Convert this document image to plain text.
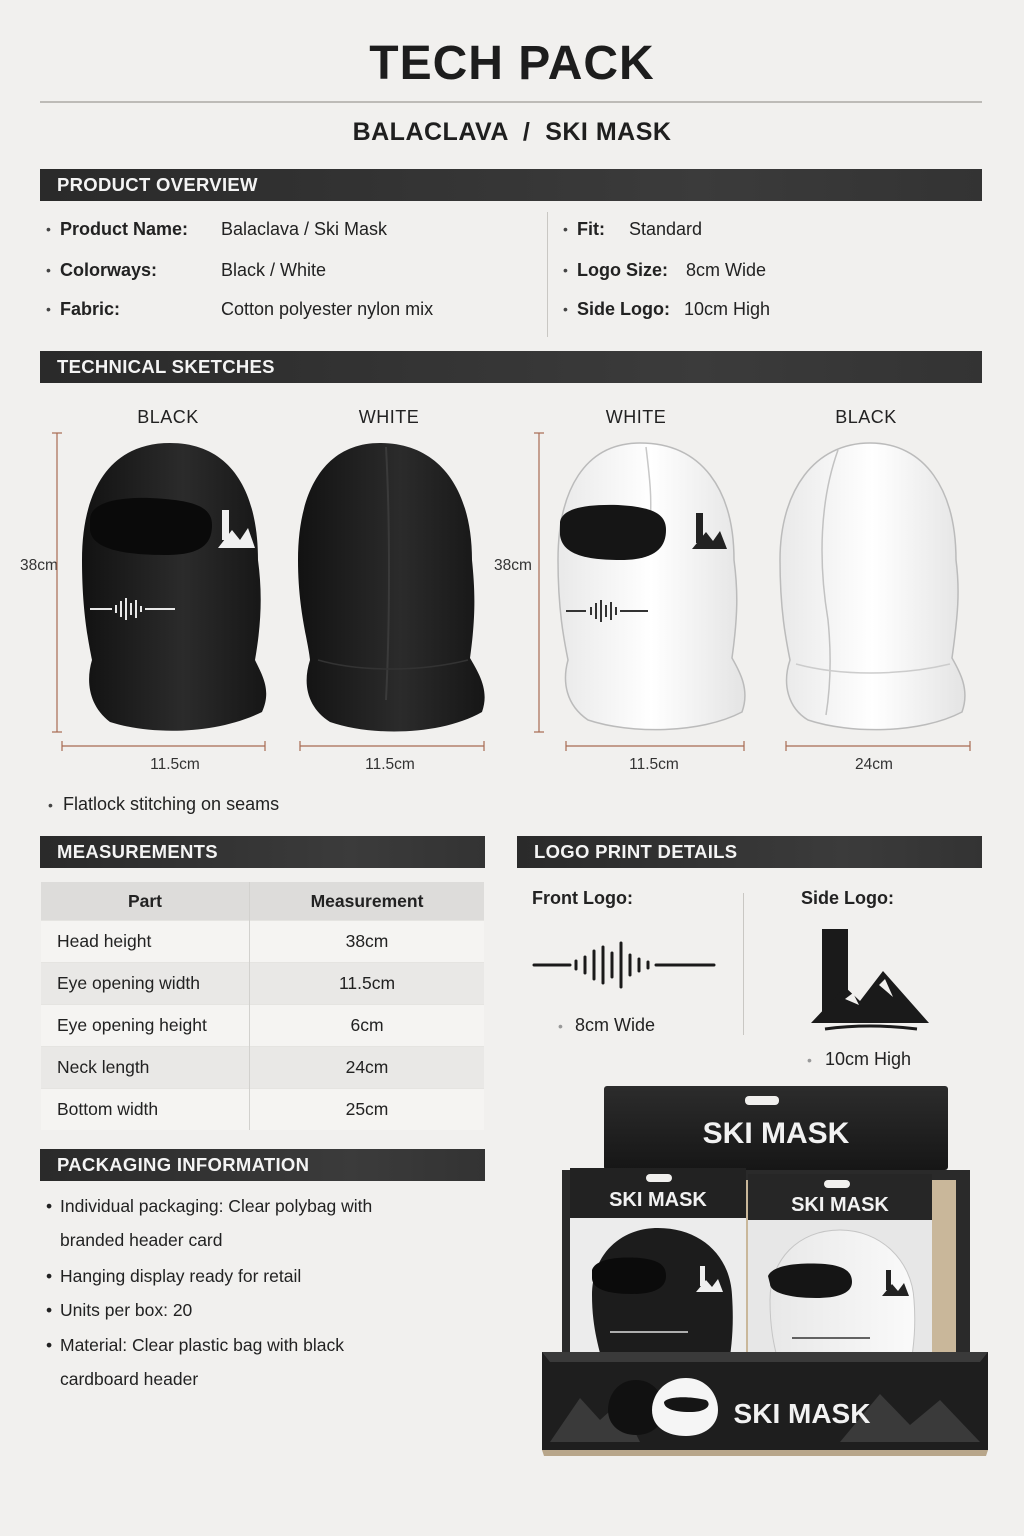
TECH PACK
BALACLAVA  /  SKI MASK
PRODUCT OVERVIEW
• Product Name: Balaclava / Ski Mask
• Colorways:	Black / White
• Fabric:	Cotton polyester nylon mix
• Fit: Standard
• Logo Size: 8cm Wide
• Side Logo: 10cm High
TECHNICAL SKETCHES
BLACK	WHITE	WHITE	BLACK
38cm	38cm
11.5cm	11.5cm	11.5cm	24cm
• Flatlock stitching on seams
MEASUREMENTS
Part	Measurement
Head height	38cm
Eye opening width	11.5cm
Eye opening height	6cm
Neck length	24cm
Bottom width	25cm
LOGO PRINT DETAILS
Front Logo:	Side Logo:
• 8cm Wide
• 10cm High
PACKAGING INFORMATION
• Individual packaging: Clear polybag with
branded header card
• Hanging display ready for retail
• Units per box: 20
• Material: Clear plastic bag with black
cardboard header
SKI MASK
SKI MASK	SKI MASK
SKI MASK
